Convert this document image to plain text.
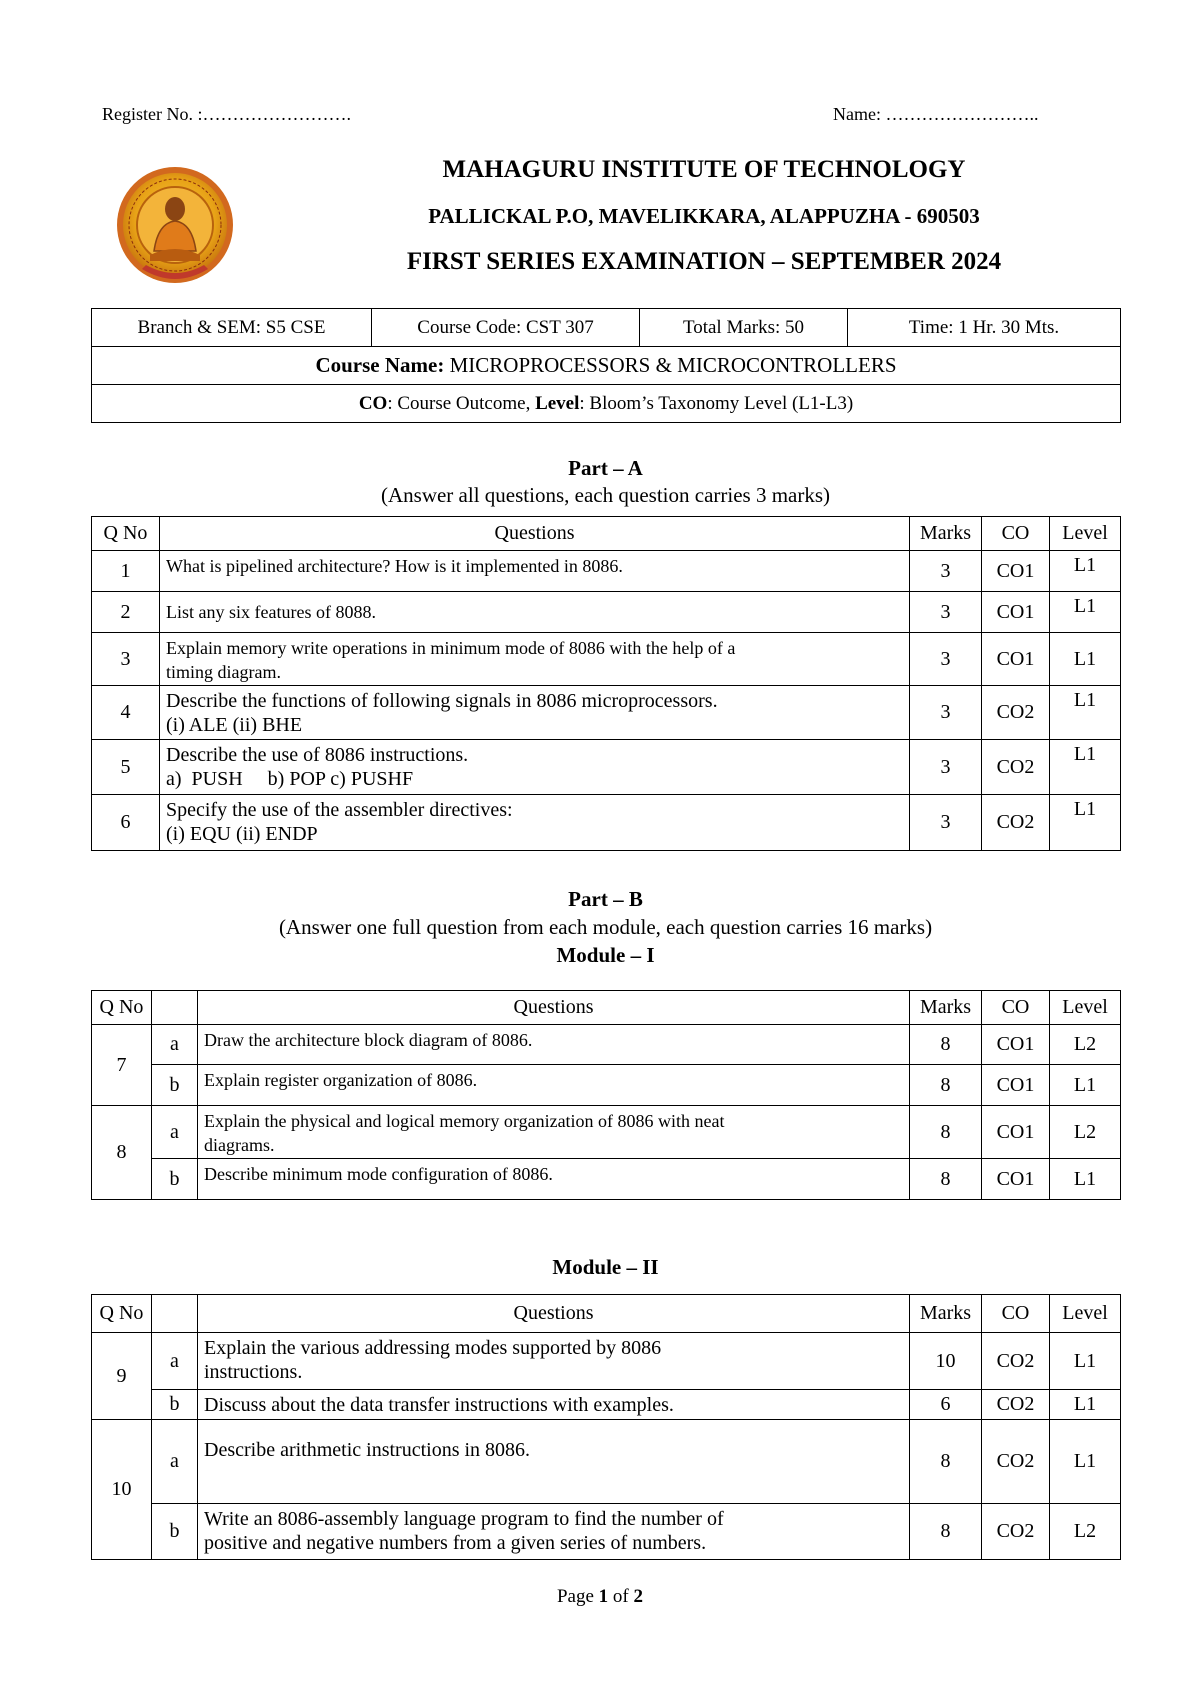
Register No. :…………………….	Name: ……………………..
MAHAGURU INSTITUTE OF TECHNOLOGY
PALLICKAL P.O, MAVELIKKARA, ALAPPUZHA - 690503
FIRST SERIES EXAMINATION – SEPTEMBER 2024
Branch & SEM: S5 CSE	Course Code: CST 307	Total Marks: 50	Time: 1 Hr. 30 Mts.
Course Name: MICROPROCESSORS & MICROCONTROLLERS
CO: Course Outcome, Level: Bloom’s Taxonomy Level (L1-L3)
Part – A
(Answer all questions, each question carries 3 marks)
Q No	Questions	Marks	CO	Level
1	What is pipelined architecture? How is it implemented in 8086.	3	CO1	L1
2	List any six features of 8088.	3	CO1	L1
3	Explain memory write operations in minimum mode of 8086 with the help of a
timing diagram.	3	CO1	L1
4	Describe the functions of following signals in 8086 microprocessors.
(i) ALE (ii) BHE	3	CO2	L1
5	Describe the use of 8086 instructions.
a)  PUSH     b) POP c) PUSHF	3	CO2	L1
6	Specify the use of the assembler directives:
(i) EQU (ii) ENDP	3	CO2	L1
Part – B
(Answer one full question from each module, each question carries 16 marks)
Module – I
Q No		Questions	Marks	CO	Level
7	a	Draw the architecture block diagram of 8086.	8	CO1	L2
	b	Explain register organization of 8086.	8	CO1	L1
8	a	Explain the physical and logical memory organization of 8086 with neat
diagrams.	8	CO1	L2
	b	Describe minimum mode configuration of 8086.	8	CO1	L1
Module – II
Q No		Questions	Marks	CO	Level
9	a	Explain the various addressing modes supported by 8086
instructions.	10	CO2	L1
	b	Discuss about the data transfer instructions with examples.	6	CO2	L1
10	a	Describe arithmetic instructions in 8086.	8	CO2	L1
	b	Write an 8086-assembly language program to find the number of
positive and negative numbers from a given series of numbers.	8	CO2	L2
Page 1 of 2
